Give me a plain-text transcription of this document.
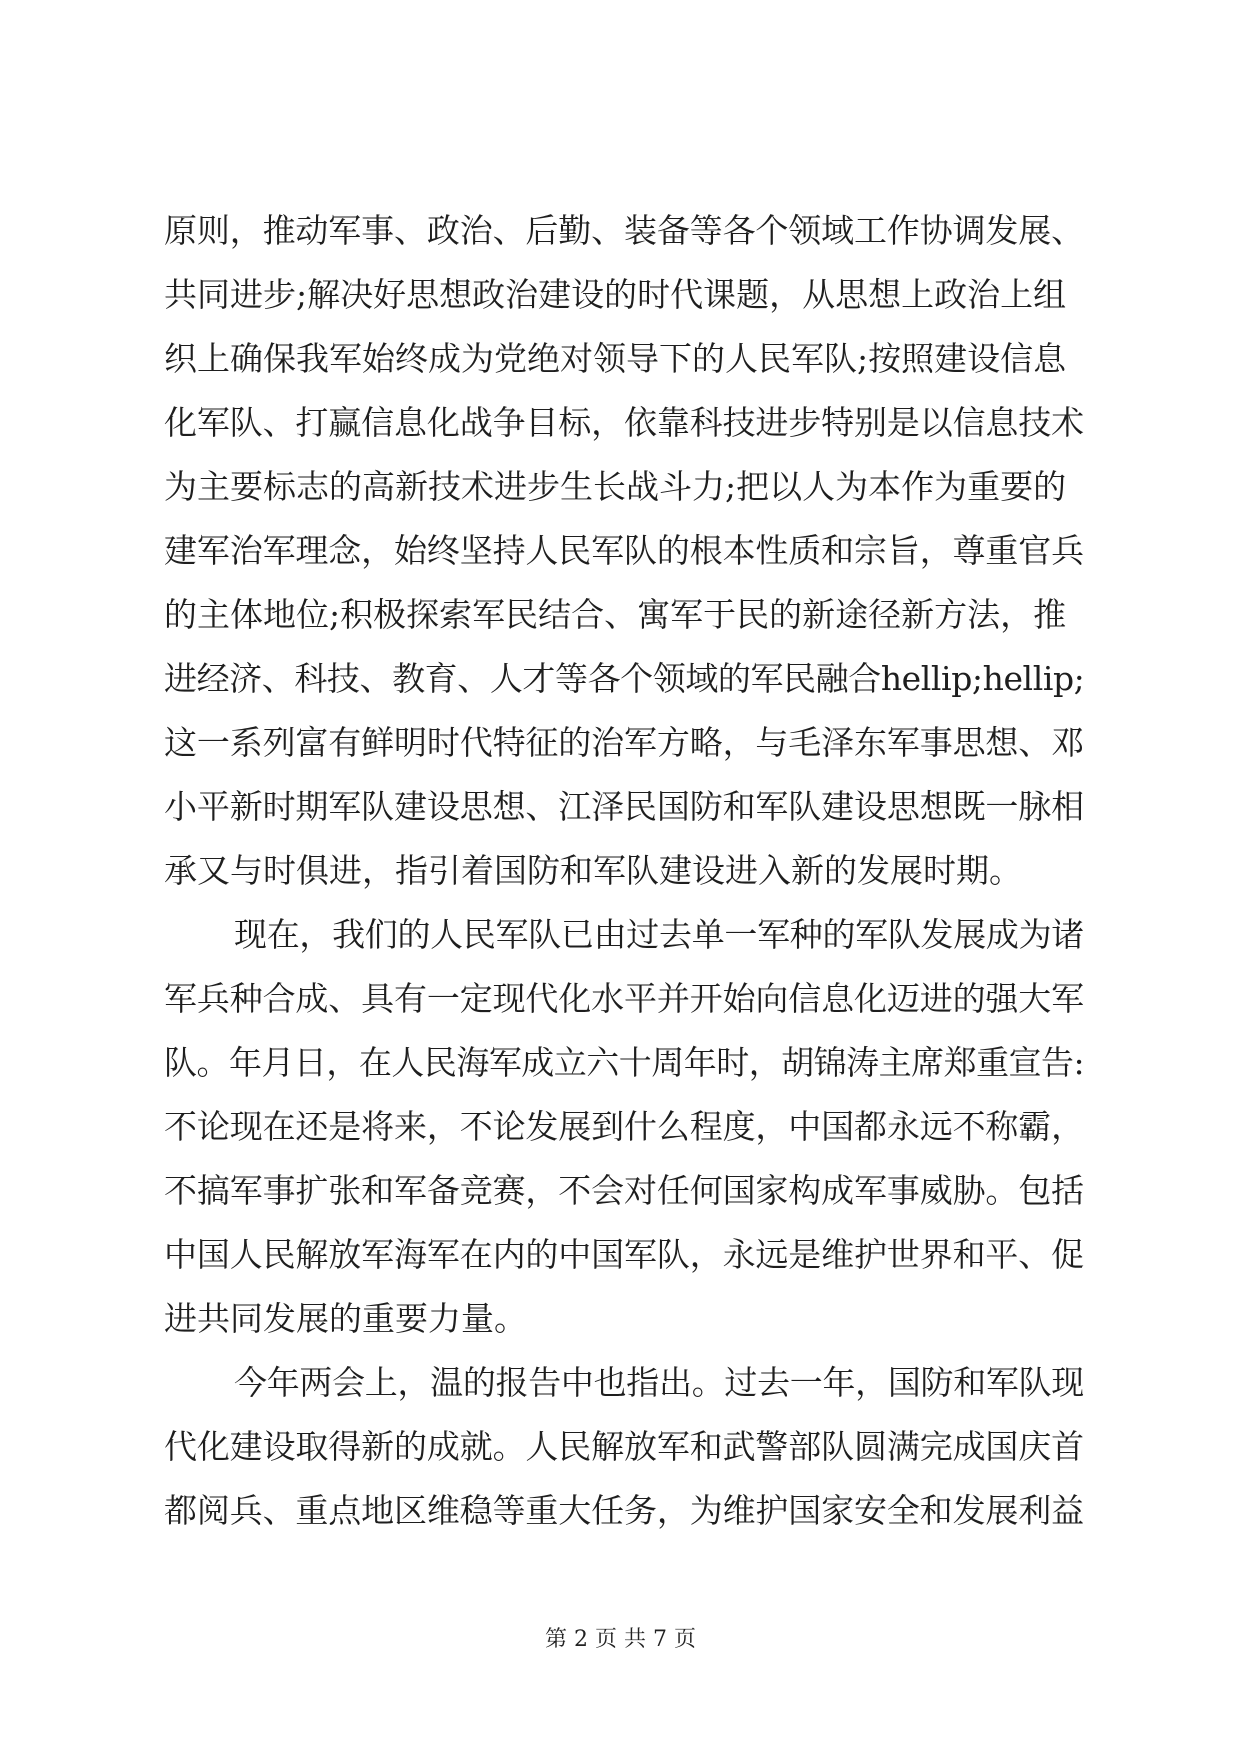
原则，推动军事、政治、后勤、装备等各个领域工作协调发展、
共同进步;解决好思想政治建设的时代课题，从思想上政治上组
织上确保我军始终成为党绝对领导下的人民军队;按照建设信息
化军队、打赢信息化战争目标，依靠科技进步特别是以信息技术
为主要标志的高新技术进步生长战斗力;把以人为本作为重要的
建军治军理念，始终坚持人民军队的根本性质和宗旨，尊重官兵
的主体地位;积极探索军民结合、寓军于民的新途径新方法，推
进经济、科技、教育、人才等各个领域的军民融合hellip;hellip;
这一系列富有鲜明时代特征的治军方略，与毛泽东军事思想、邓
小平新时期军队建设思想、江泽民国防和军队建设思想既一脉相
承又与时俱进，指引着国防和军队建设进入新的发展时期。
现在，我们的人民军队已由过去单一军种的军队发展成为诸
军兵种合成、具有一定现代化水平并开始向信息化迈进的强大军
队。年月日，在人民海军成立六十周年时，胡锦涛主席郑重宣告:
不论现在还是将来，不论发展到什么程度，中国都永远不称霸，
不搞军事扩张和军备竞赛，不会对任何国家构成军事威胁。包括
中国人民解放军海军在内的中国军队，永远是维护世界和平、促
进共同发展的重要力量。
今年两会上，温的报告中也指出。过去一年，国防和军队现
代化建设取得新的成就。人民解放军和武警部队圆满完成国庆首
都阅兵、重点地区维稳等重大任务，为维护国家安全和发展利益
第 2 页 共 7 页
